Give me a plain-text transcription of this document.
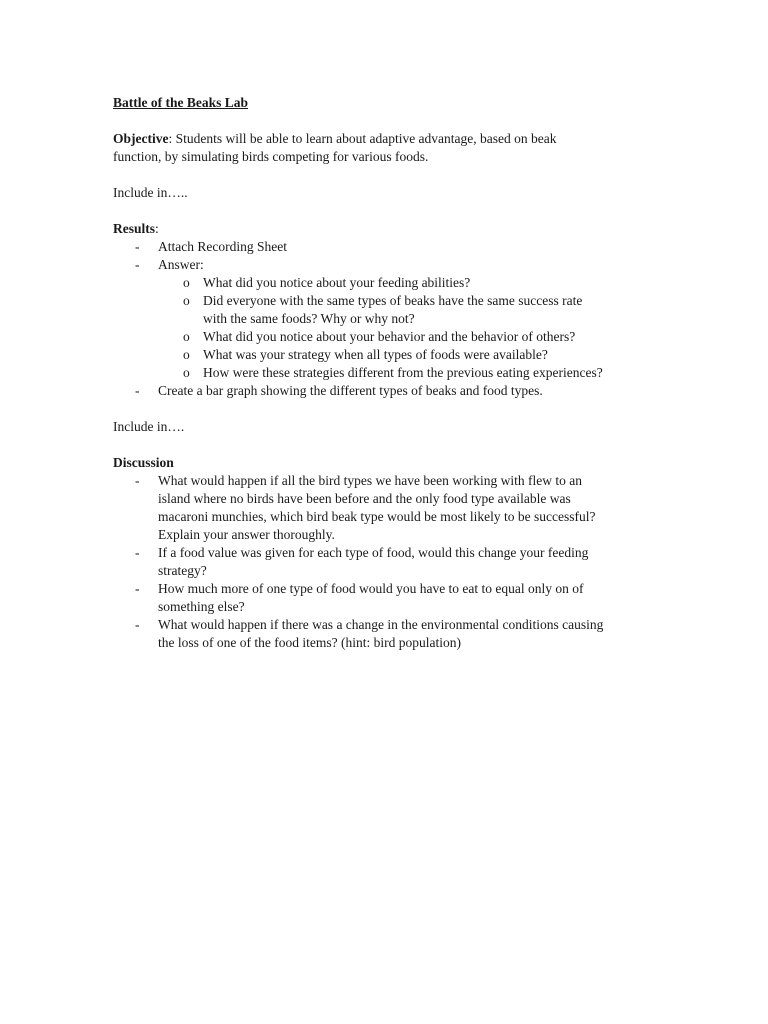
Battle of the Beaks Lab
Objective: Students will be able to learn about adaptive advantage, based on beak
function, by simulating birds competing for various foods.
Include in…..
Results:
- Attach Recording Sheet
- Answer:
o What did you notice about your feeding abilities?
o Did everyone with the same types of beaks have the same success rate
with the same foods? Why or why not?
o What did you notice about your behavior and the behavior of others?
o What was your strategy when all types of foods were available?
o How were these strategies different from the previous eating experiences?
- Create a bar graph showing the different types of beaks and food types.
Include in….
Discussion
- What would happen if all the bird types we have been working with flew to an
island where no birds have been before and the only food type available was
macaroni munchies, which bird beak type would be most likely to be successful?
Explain your answer thoroughly.
- If a food value was given for each type of food, would this change your feeding
strategy?
- How much more of one type of food would you have to eat to equal only on of
something else?
- What would happen if there was a change in the environmental conditions causing
the loss of one of the food items? (hint: bird population)
